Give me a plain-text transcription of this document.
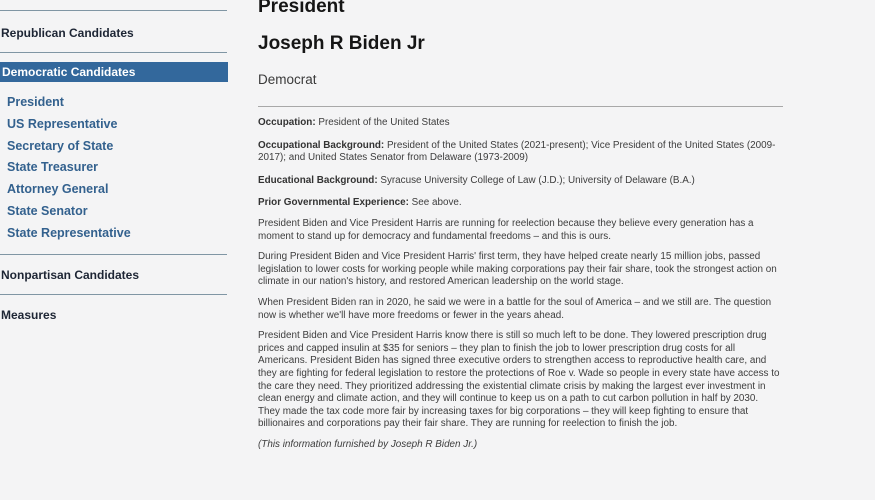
Republican Candidates
Democratic Candidates
President
US Representative
Secretary of State
State Treasurer
Attorney General
State Senator
State Representative
Nonpartisan Candidates
Measures
President
Joseph R Biden Jr

Democrat

Occupation: President of the United States

Occupational Background: President of the United States (2021-present); Vice President of the United States (2009-2017); and United States Senator from Delaware (1973-2009)

Educational Background: Syracuse University College of Law (J.D.); University of Delaware (B.A.)

Prior Governmental Experience: See above.

President Biden and Vice President Harris are running for reelection because they believe every generation has a moment to stand up for democracy and fundamental freedoms – and this is ours.

During President Biden and Vice President Harris' first term, they have helped create nearly 15 million jobs, passed legislation to lower costs for working people while making corporations pay their fair share, took the strongest action on climate in our nation's history, and restored American leadership on the world stage.

When President Biden ran in 2020, he said we were in a battle for the soul of America – and we still are. The question now is whether we'll have more freedoms or fewer in the years ahead.

President Biden and Vice President Harris know there is still so much left to be done. They lowered prescription drug prices and capped insulin at $35 for seniors – they plan to finish the job to lower prescription drug costs for all Americans. President Biden has signed three executive orders to strengthen access to reproductive health care, and they are fighting for federal legislation to restore the protections of Roe v. Wade so people in every state have access to the care they need. They prioritized addressing the existential climate crisis by making the largest ever investment in clean energy and climate action, and they will continue to keep us on a path to cut carbon pollution in half by 2030. They made the tax code more fair by increasing taxes for big corporations – they will keep fighting to ensure that billionaires and corporations pay their fair share. They are running for reelection to finish the job.

(This information furnished by Joseph R Biden Jr.)
